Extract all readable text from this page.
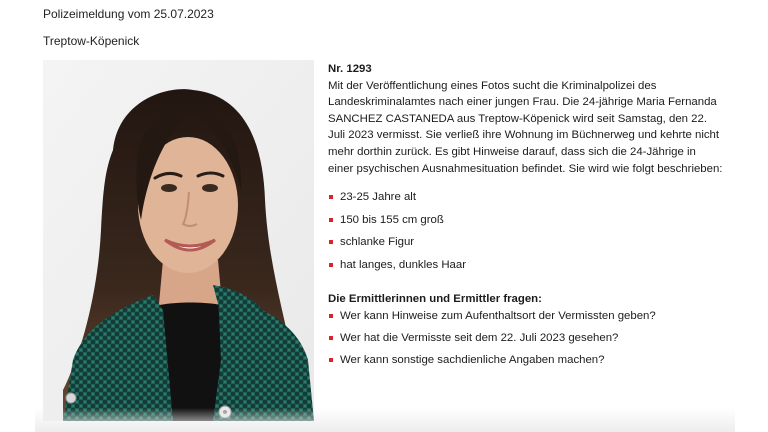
Polizeimeldung vom 25.07.2023
Treptow-Köpenick

Nr. 1293

Mit der Veröffentlichung eines Fotos sucht die Kriminalpolizei des Landeskriminalamtes nach einer jungen Frau. Die 24-jährige Maria Fernanda SANCHEZ CASTANEDA aus Treptow-Köpenick wird seit Samstag, den 22. Juli 2023 vermisst. Sie verließ ihre Wohnung im Büchnerweg und kehrte nicht mehr dorthin zurück. Es gibt Hinweise darauf, dass sich die 24-Jährige in einer psychischen Ausnahmesituation befindet. Sie wird wie folgt beschrieben:

23-25 Jahre alt
150 bis 155 cm groß
schlanke Figur
hat langes, dunkles Haar

Die Ermittlerinnen und Ermittler fragen:

Wer kann Hinweise zum Aufenthaltsort der Vermissten geben?
Wer hat die Vermisste seit dem 22. Juli 2023 gesehen?
Wer kann sonstige sachdienliche Angaben machen?
